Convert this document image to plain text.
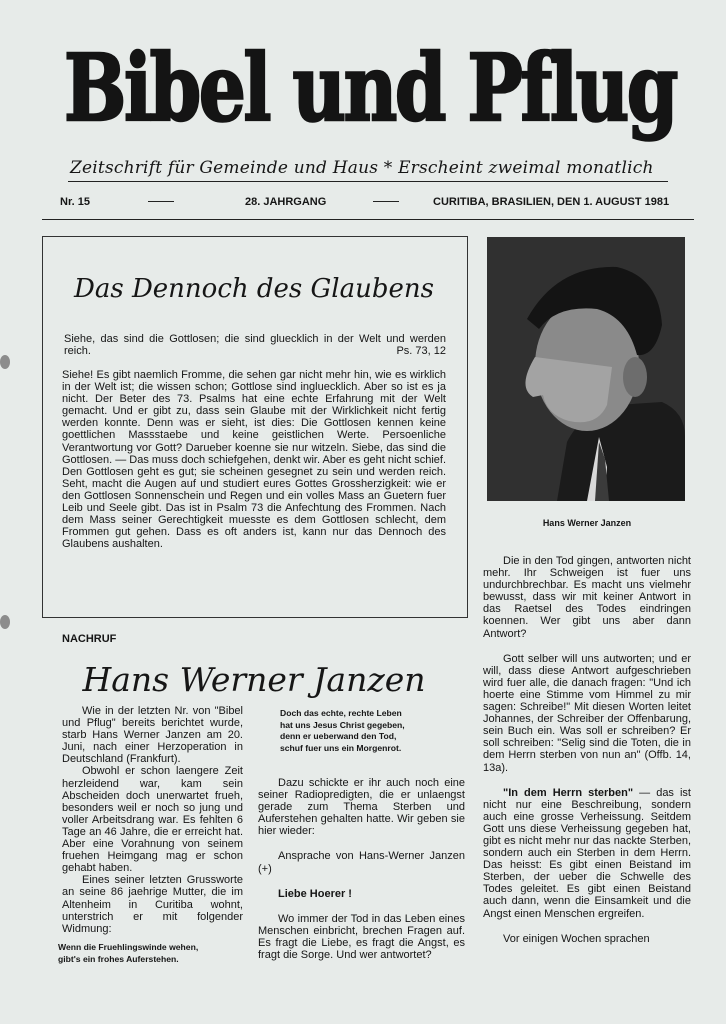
Bibel und Pflug
Zeitschrift für Gemeinde und Haus * Erscheint zweimal monatlich
Nr. 15	28. JAHRGANG	CURITIBA, BRASILIEN, DEN 1. AUGUST 1981
Das Dennoch des Glaubens
Siehe, das sind die Gottlosen; die sind gluecklich in der Welt und werden reich.	Ps. 73, 12
Siehe! Es gibt naemlich Fromme, die sehen gar nicht mehr hin, wie es wirklich in der Welt ist; die wissen schon; Gottlose sind ingluecklich. Aber so ist es ja nicht. Der Beter des 73. Psalms hat eine echte Erfahrung mit der Welt gemacht. Und er gibt zu, dass sein Glaube mit der Wirklichkeit nicht fertig werden konnte. Denn was er sieht, ist dies: Die Gottlosen kennen keine goettlichen Massstaebe und keine geistlichen Werte. Persoenliche Verantwortung vor Gott? Darueber koenne sie nur witzeln. Siebe, das sind die Gottlosen. — Das muss doch schiefgehen, denkt wir. Aber es geht nicht schief. Den Gottlosen geht es gut; sie scheinen gesegnet zu sein und werden reich. Seht, macht die Augen auf und studiert eures Gottes Grossherzigkeit: wie er den Gottlosen Sonnenschein und Regen und ein volles Mass an Guetern fuer Leib und Seele gibt. Das ist in Psalm 73 die Anfechtung des Frommen. Nach dem Mass seiner Gerechtigkeit muesste es dem Gottlosen schlecht, dem Frommen gut gehen. Dass es oft anders ist, kann nur das Dennoch des Glaubens aushalten.
Hans Werner Janzen
NACHRUF
Hans Werner Janzen
Wie in der letzten Nr. von "Bibel und Pflug" bereits berichtet wurde, starb Hans Werner Janzen am 20. Juni, nach einer Herzoperation in Deutschland (Frankfurt).
Obwohl er schon laengere Zeit herzleidend war, kam sein Abscheiden doch unerwartet frueh, besonders weil er noch so jung und voller Arbeitsdrang war. Es fehlten 6 Tage an 46 Jahre, die er erreicht hat. Aber eine Vorahnung von seinem fruehen Heimgang mag er schon gehabt haben.
Eines seiner letzten Grussworte an seine 86 jaehrige Mutter, die im Altenheim in Curitiba wohnt, unterstrich er mit folgender Widmung:
Wenn die Fruehlingswinde wehen,
gibt's ein frohes Auferstehen.
Doch das echte, rechte Leben
hat uns Jesus Christ gegeben,
denn er ueberwand den Tod,
schuf fuer uns ein Morgenrot.
Dazu schickte er ihr auch noch eine seiner Radiopredigten, die er unlaengst gerade zum Thema Sterben und Auferstehen gehalten hatte. Wir geben sie hier wieder:
Ansprache von Hans-Werner Janzen (+)
Liebe Hoerer !
Wo immer der Tod in das Leben eines Menschen einbricht, brechen Fragen auf. Es fragt die Liebe, es fragt die Angst, es fragt die Sorge. Und wer antwortet?
Die in den Tod gingen, antworten nicht mehr. Ihr Schweigen ist fuer uns undurchbrechbar. Es macht uns vielmehr bewusst, dass wir mit keiner Antwort in das Raetsel des Todes eindringen koennen. Wer gibt uns aber dann Antwort?
Gott selber will uns autworten; und er will, dass diese Antwort aufgeschrieben wird fuer alle, die danach fragen: "Und ich hoerte eine Stimme vom Himmel zu mir sagen: Schreibe!" Mit diesen Worten leitet Johannes, der Schreiber der Offenbarung, sein Buch ein. Was soll er schreiben? Er soll schreiben: "Selig sind die Toten, die in dem Herrn sterben von nun an" (Offb. 14, 13a).
"In dem Herrn sterben" — das ist nicht nur eine Beschreibung, sondern auch eine grosse Verheissung. Seitdem Gott uns diese Verheissung gegeben hat, gibt es nicht mehr nur das nackte Sterben, sondern auch ein Sterben in dem Herrn. Das heisst: Es gibt einen Beistand im Sterben, der ueber die Schwelle des Todes geleitet. Es gibt einen Beistand auch dann, wenn die Einsamkeit und die Angst einen Menschen ergreifen.
Vor einigen Wochen sprachen
